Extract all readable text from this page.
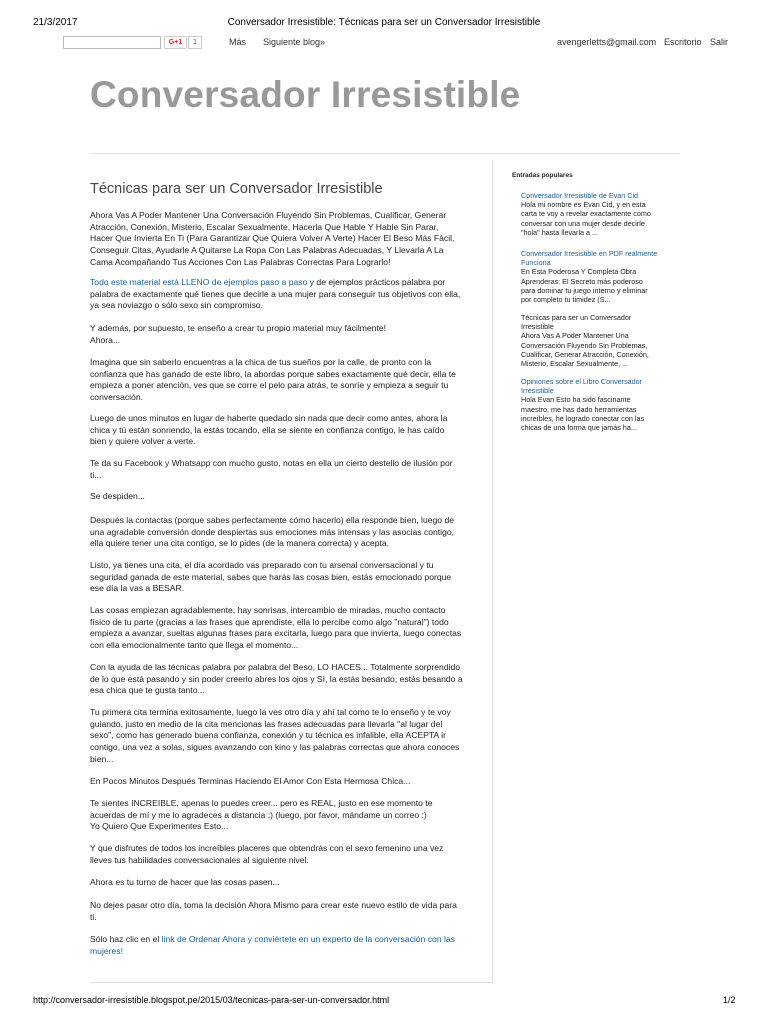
21/3/2017	Conversador Irresistible: Técnicas para ser un Conversador Irresistible
G+1	1	Más Siguiente blog»	avengerletts@gmail.com Escritorio Salir
Conversador Irresistible
Técnicas para ser un Conversador Irresistible
Ahora Vas A Poder Mantener Una Conversación Fluyendo Sin Problemas, Cualificar, Generar
Atracción, Conexión, Misterio, Escalar Sexualmente, Hacerla Que Hable Y Hable Sin Parar,
Hacer Que Invierta En Ti (Para Garantizar Que Quiera Volver A Verte) Hacer El Beso Más Fácil,
Conseguir Citas, Ayudarle A Quitarse La Ropa Con Las Palabras Adecuadas, Y Llevarla A La
Cama Acompañando Tus Acciones Con Las Palabras Correctas Para Lograrlo!
Todo este material está LLENO de ejemplos paso a paso y de ejemplos prácticos palabra por
palabra de exactamente qué tienes que decirle a una mujer para conseguir tus objetivos con ella,
ya sea noviazgo o sólo sexo sin compromiso.
Y además, por supuesto, te enseño a crear tu propio material muy fácilmente!
Ahora...
Imagina que sin saberlo encuentras a la chica de tus sueños por la calle, de pronto con la
confianza que has ganado de este libro, la abordas porque sabes exactamente qué decir, ella te
empieza a poner atención, ves que se corre el pelo para atrás, te sonríe y empieza a seguir tu
conversación.
Luego de unos minutos en lugar de haberte quedado sin nada que decir como antes, ahora la
chica y tú están sonriendo, la estás tocando, ella se siente en confianza contigo, le has caído
bien y quiere volver a verte.
Te da su Facebook y Whatsapp con mucho gusto, notas en ella un cierto destello de ilusión por
ti...
Se despiden...
Después la contactas (porque sabes perfectamente cómo hacerlo) ella responde bien, luego de
una agradable conversión donde despiertas sus emociones más intensas y las asocias contigo,
ella quiere tener una cita contigo, se lo pides (de la manera correcta) y acepta.
Listo, ya tienes una cita, el día acordado vas preparado con tu arsenal conversacional y tu
seguridad ganada de este material, sabes que harás las cosas bien, estás emocionado porque
ese día la vas a BESAR.
Las cosas empiezan agradablemente, hay sonrisas, intercambio de miradas, mucho contacto
físico de tu parte (gracias a las frases que aprendiste, ella lo percibe como algo "natural") todo
empieza a avanzar, sueltas algunas frases para excitarla, luego para que invierta, luego conectas
con ella emocionalmente tanto que llega el momento...
Con la ayuda de las técnicas palabra por palabra del Beso, LO HACES... Totalmente sorprendido
de lo que está pasando y sin poder creerlo abres los ojos y SI, la estás besando, estás besando a
esa chica que te gusta tanto...
Tu primera cita termina exitosamente, luego la ves otro día y ahí tal como te lo enseño y te voy
guiando, justo en medio de la cita mencionas las frases adecuadas para llevarla "al lugar del
sexo", como has generado buena confianza, conexión y tu técnica es infalible, ella ACEPTA ir
contigo, una vez a solas, sigues avanzando con kino y las palabras correctas que ahora conoces
bien...
En Pocos Minutos Después Terminas Haciendo El Amor Con Esta Hermosa Chica...
Te sientes INCREIBLE, apenas lo puedes creer... pero es REAL, justo en ese momento te
acuerdas de mí y me lo agradeces a distancia ;) (luego, por favor, mándame un correo :)
Yo Quiero Que Experimentes Esto...
Y que disfrutes de todos los increíbles placeres que obtendrás con el sexo femenino una vez
lleves tus habilidades conversacionales al siguiente nivel.
Ahora es tu turno de hacer que las cosas pasen...
No dejes pasar otro día, toma la decisión Ahora Mismo para crear este nuevo estilo de vida para
ti.
Sólo haz clic en el link de Ordenar Ahora y conviértete en un experto de la conversación con las
mujeres!
Entradas populares
Conversador Irresistible de Evan Cid
Hola mi nombre es Evan Cid, y en esta
carta te voy a revelar exactamente como
conversar con una mujer desde decirle
"hola" hasta llevarla a ...
Conversador Irresistible en PDF realmente
Funciona
En Esta Poderosa Y Completa Obra
Aprenderas: El Secreto más poderoso
para dominar tu juego interno y eliminar
por completo tu timidez (S...
Técnicas para ser un Conversador
Irresistible
Ahora Vas A Poder Mantener Una
Conversación Fluyendo Sin Problemas,
Cualificar, Generar Atracción, Conexión,
Misterio, Escalar Sexualmente, ...
Opiniones sobre el Libro Conversador
Irresistible
Hola Evan Esto ha sido fascinante
maestro, me has dado herramientas
increíbles, he logrado conectar con las
chicas de una forma que jamás ha...
http://conversador-irresistible.blogspot.pe/2015/03/tecnicas-para-ser-un-conversador.html	1/2
